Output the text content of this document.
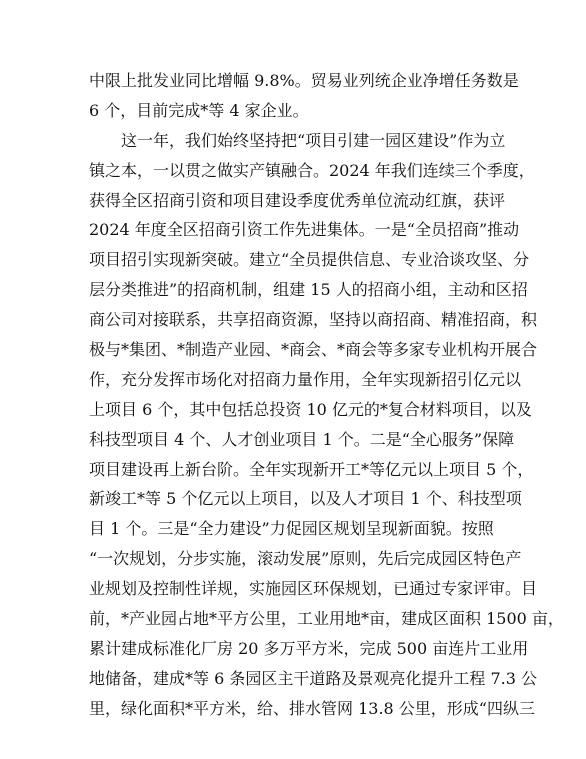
中限上批发业同比增幅 9.8%。贸易业列统企业净增任务数是
6 个，目前完成*等 4 家企业。
这一年，我们始终坚持把“项目引建一园区建设”作为立
镇之本，一以贯之做实产镇融合。2024 年我们连续三个季度，
获得全区招商引资和项目建设季度优秀单位流动红旗，获评
2024 年度全区招商引资工作先进集体。一是“全员招商”推动
项目招引实现新突破。建立“全员提供信息、专业洽谈攻坚、分
层分类推进”的招商机制，组建 15 人的招商小组，主动和区招
商公司对接联系，共享招商资源，坚持以商招商、精准招商，积
极与*集团、*制造产业园、*商会、*商会等多家专业机构开展合
作，充分发挥市场化对招商力量作用，全年实现新招引亿元以
上项目 6 个，其中包括总投资 10 亿元的*复合材料项目，以及
科技型项目 4 个、人才创业项目 1 个。二是“全心服务”保障
项目建设再上新台阶。全年实现新开工*等亿元以上项目 5 个，
新竣工*等 5 个亿元以上项目，以及人才项目 1 个、科技型项
目 1 个。三是“全力建设”力促园区规划呈现新面貌。按照
“一次规划，分步实施，滚动发展”原则，先后完成园区特色产
业规划及控制性详规，实施园区环保规划，已通过专家评审。目
前，*产业园占地*平方公里，工业用地*亩，建成区面积 1500 亩，
累计建成标准化厂房 20 多万平方米，完成 500 亩连片工业用
地储备，建成*等 6 条园区主干道路及景观亮化提升工程 7.3 公
里，绿化面积*平方米，给、排水管网 13.8 公里，形成“四纵三
